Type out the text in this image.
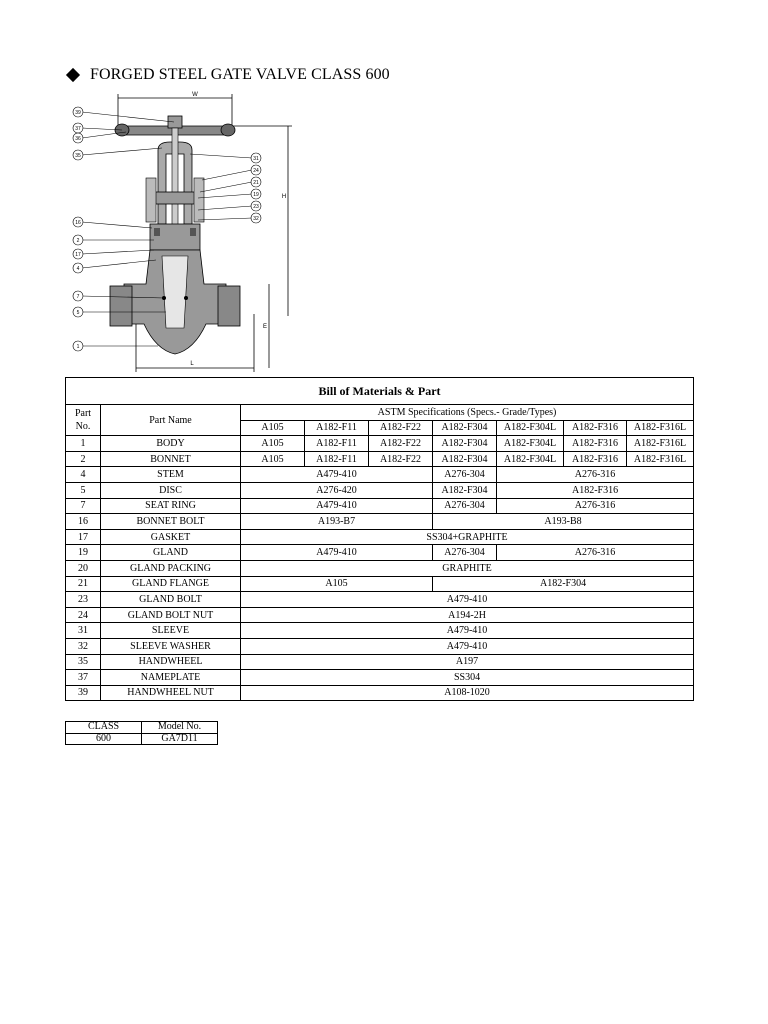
FORGED STEEL GATE VALVE CLASS 600
39
37
36
35
16
2
17
4
7
5
1
31
24
21
19
23
32
W
H
E
L
Bill of Materials & Part								
Part
No.	Part Name	ASTM Specifications (Specs.- Grade/Types)						
		A105	A182-F11	A182-F22	A182-F304	A182-F304L	A182-F316	A182-F316L
1	BODY	A105	A182-F11	A182-F22	A182-F304	A182-F304L	A182-F316	A182-F316L
2	BONNET	A105	A182-F11	A182-F22	A182-F304	A182-F304L	A182-F316	A182-F316L
4	STEM	A479-410			A276-304	A276-316		
5	DISC	A276-420			A182-F304	A182-F316		
7	SEAT RING	A479-410			A276-304	A276-316		
16	BONNET BOLT	A193-B7			A193-B8			
17	GASKET	SS304+GRAPHITE						
19	GLAND	A479-410			A276-304	A276-316		
20	GLAND PACKING	GRAPHITE						
21	GLAND FLANGE	A105			A182-F304			
23	GLAND BOLT	A479-410						
24	GLAND BOLT NUT	A194-2H						
31	SLEEVE	A479-410						
32	SLEEVE WASHER	A479-410						
35	HANDWHEEL	A197						
37	NAMEPLATE	SS304						
39	HANDWHEEL NUT	A108-1020						
CLASS	Model No.
600	GA7D11
